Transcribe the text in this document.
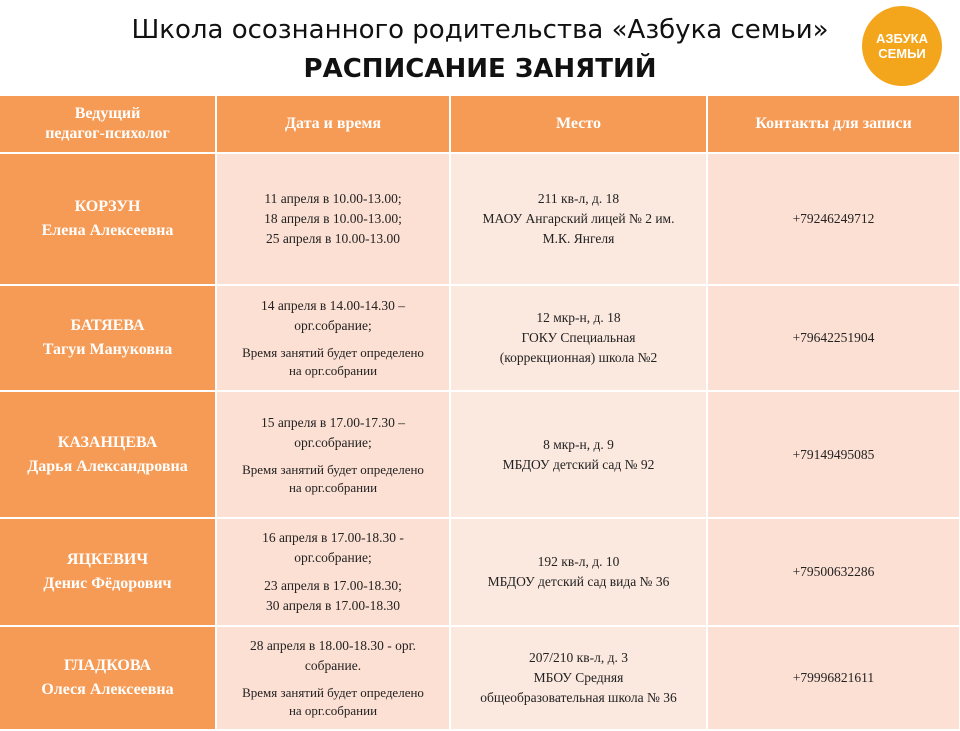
Школа осознанного родительства «Азбука семьи»
РАСПИСАНИЕ ЗАНЯТИЙ
АЗБУКА
СЕМЬИ
Ведущий
педагог-психолог	Дата и время	Место	Контакты для записи

КОРЗУН
Елена Алексеевна	11 апреля в 10.00-13.00;
18 апреля в 10.00-13.00;
25 апреля в 10.00-13.00	211 кв-л, д. 18
МАОУ Ангарский лицей № 2 им.
М.К. Янгеля	+79246249712

БАТЯЕВА
Тагуи Мануковна	14 апреля в 14.00-14.30 –
орг.собрание;
Время занятий будет определено
на орг.собрании	12 мкр-н, д. 18
ГОКУ Специальная
(коррекционная) школа №2	+79642251904

КАЗАНЦЕВА
Дарья Александровна	15 апреля в 17.00-17.30 –
орг.собрание;
Время занятий будет определено
на орг.собрании	8 мкр-н, д. 9
МБДОУ детский сад № 92	+79149495085

ЯЦКЕВИЧ
Денис Фёдорович	16 апреля в 17.00-18.30 -
орг.собрание;
23 апреля в 17.00-18.30;
30 апреля в 17.00-18.30	192 кв-л, д. 10
МБДОУ детский сад вида № 36	+79500632286

ГЛАДКОВА
Олеся Алексеевна	28 апреля в 18.00-18.30 - орг.
собрание.
Время занятий будет определено
на орг.собрании	207/210 кв-л, д. 3
МБОУ Средняя
общеобразовательная школа № 36	+79996821611
